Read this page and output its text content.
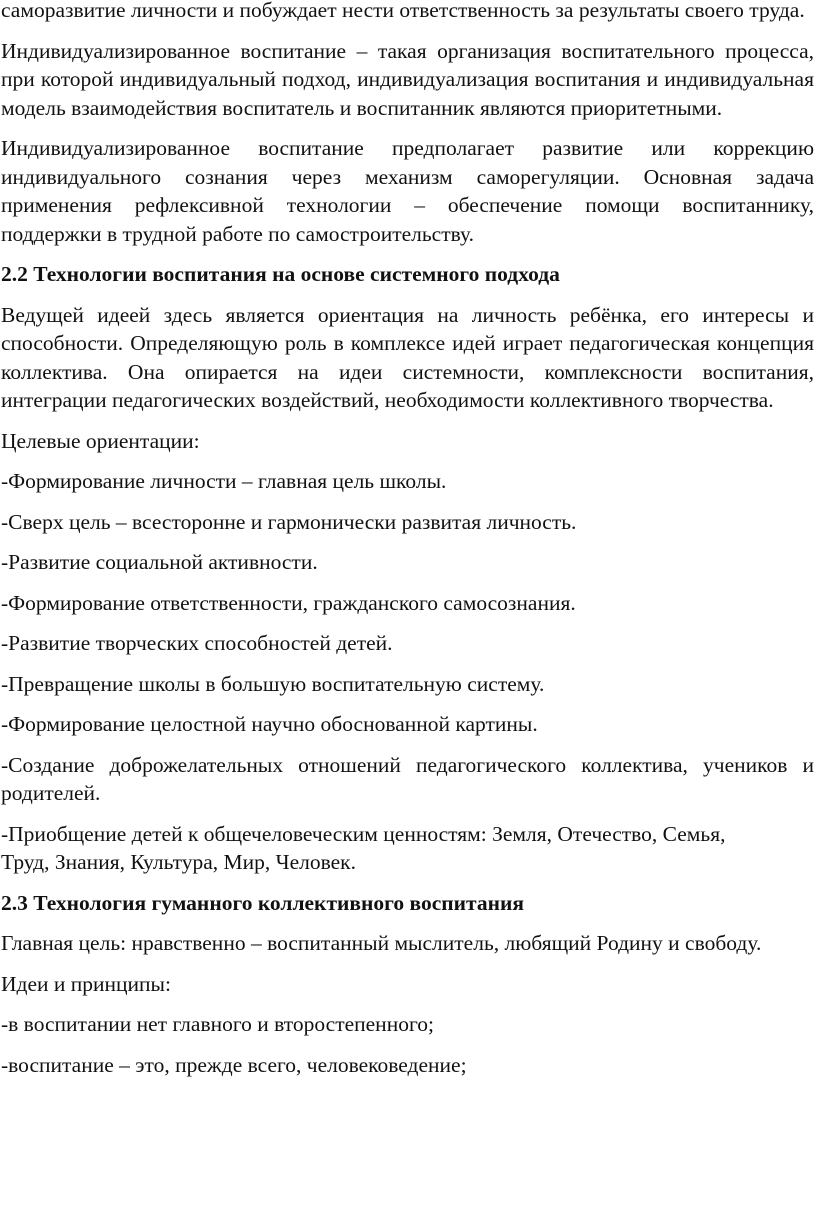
саморазвитие личности и побуждает нести ответственность за результаты своего труда.

Индивидуализированное воспитание – такая организация воспитательного процесса, при которой индивидуальный подход, индивидуализация воспитания и индивидуальная модель взаимодействия воспитатель и воспитанник являются приоритетными.

Индивидуализированное воспитание предполагает развитие или коррекцию индивидуального сознания через механизм саморегуляции. Основная задача применения рефлексивной технологии – обеспечение помощи воспитаннику, поддержки в трудной работе по самостроительству.

2.2 Технологии воспитания на основе системного подхода

Ведущей идеей здесь является ориентация на личность ребёнка, его интересы и способности. Определяющую роль в комплексе идей играет педагогическая концепция коллектива. Она опирается на идеи системности, комплексности воспитания, интеграции педагогических воздействий, необходимости коллективного творчества.

Целевые ориентации:

-Формирование личности – главная цель школы.

-Сверх цель – всесторонне и гармонически развитая личность.

-Развитие социальной активности.

-Формирование ответственности, гражданского самосознания.

-Развитие творческих способностей детей.

-Превращение школы в большую воспитательную систему.

-Формирование целостной научно обоснованной картины.

-Создание доброжелательных отношений педагогического коллектива, учеников и родителей.

-Приобщение детей к общечеловеческим ценностям: Земля, Отечество, Семья, Труд, Знания, Культура, Мир, Человек.

2.3 Технология гуманного коллективного воспитания

Главная цель: нравственно – воспитанный мыслитель, любящий Родину и свободу.

Идеи и принципы:

-в воспитании нет главного и второстепенного;

-воспитание – это, прежде всего, человековедение;
